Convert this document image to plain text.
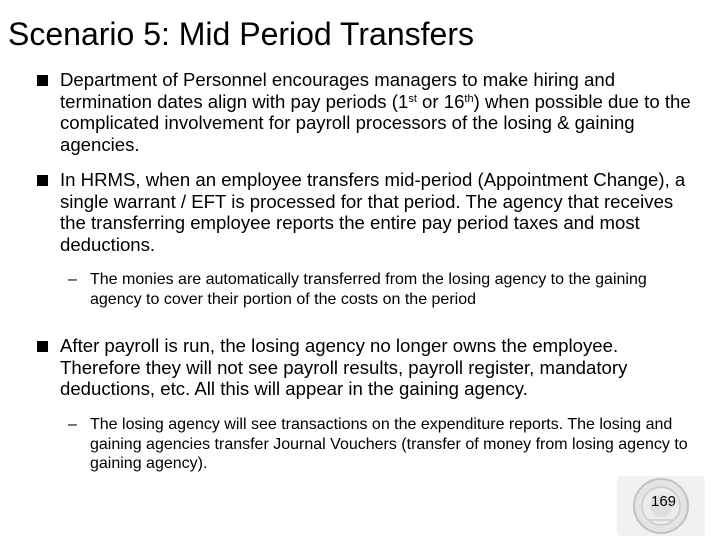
Scenario 5: Mid Period Transfers
Department of Personnel encourages managers to make hiring and termination dates align with pay periods (1st or 16th) when possible due to the complicated involvement for payroll processors of the losing & gaining agencies.
In HRMS, when an employee transfers mid-period (Appointment Change), a single warrant / EFT is processed for that period. The agency that receives the transferring employee reports the entire pay period taxes and most deductions.
– The monies are automatically transferred from the losing agency to the gaining agency to cover their portion of the costs on the period
After payroll is run, the losing agency no longer owns the employee. Therefore they will not see payroll results, payroll register, mandatory deductions, etc. All this will appear in the gaining agency.
– The losing agency will see transactions on the expenditure reports. The losing and gaining agencies transfer Journal Vouchers (transfer of money from losing agency to gaining agency).
169
